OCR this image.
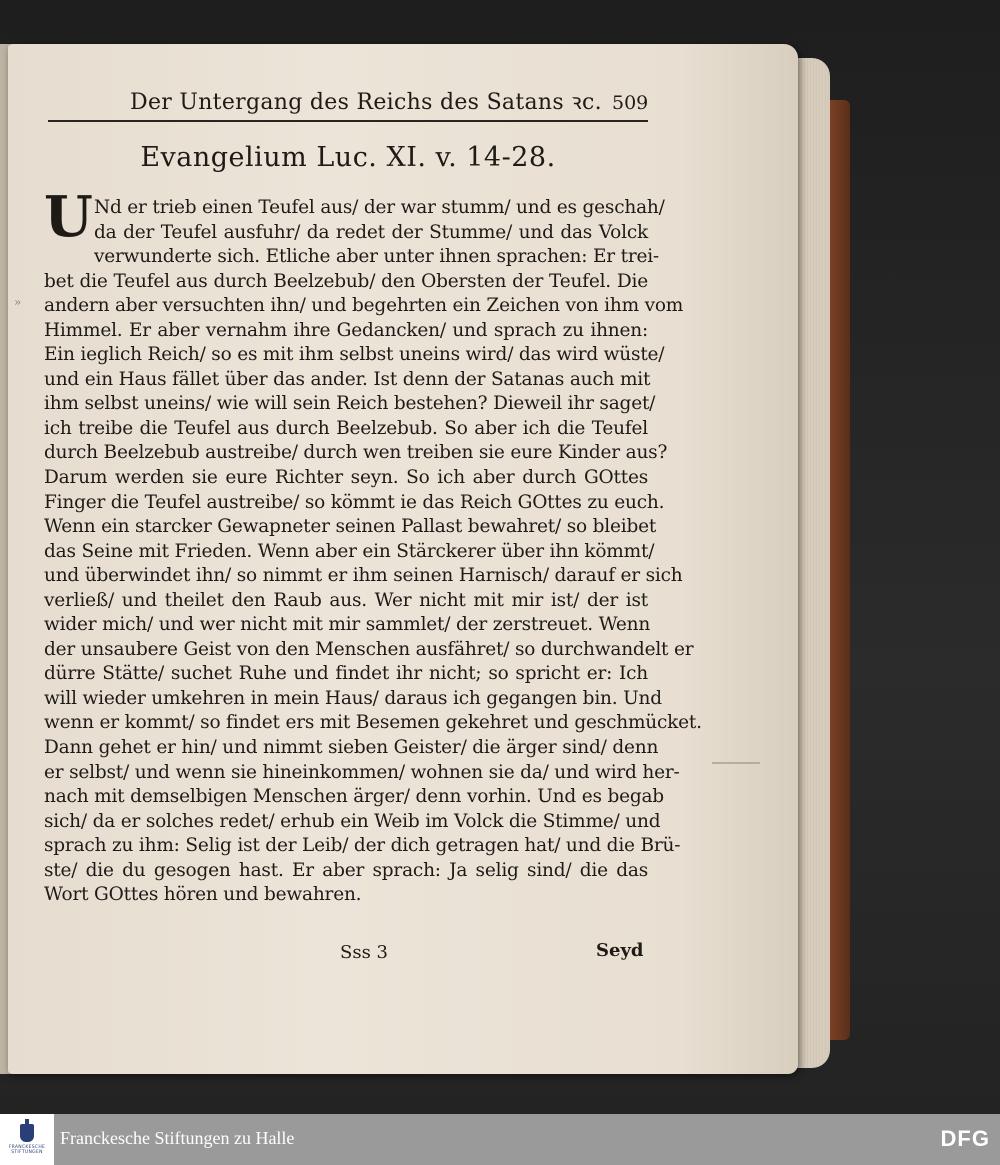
Der Untergang des Reichs des Satans ꝛc. 509
Evangelium Luc. XI. v. 14-28.
U Nd er trieb einen Teufel aus/ der war stumm/ und es geschah/
da der Teufel ausfuhr/ da redet der Stumme/ und das Volck
verwunderte sich. Etliche aber unter ihnen sprachen: Er trei-
bet die Teufel aus durch Beelzebub/ den Obersten der Teufel. Die
andern aber versuchten ihn/ und begehrten ein Zeichen von ihm vom
Himmel. Er aber vernahm ihre Gedancken/ und sprach zu ihnen:
Ein ieglich Reich/ so es mit ihm selbst uneins wird/ das wird wüste/
und ein Haus fället über das ander. Ist denn der Satanas auch mit
ihm selbst uneins/ wie will sein Reich bestehen? Dieweil ihr saget/
ich treibe die Teufel aus durch Beelzebub. So aber ich die Teufel
durch Beelzebub austreibe/ durch wen treiben sie eure Kinder aus?
Darum werden sie eure Richter seyn. So ich aber durch GOttes
Finger die Teufel austreibe/ so kömmt ie das Reich GOttes zu euch.
Wenn ein starcker Gewapneter seinen Pallast bewahret/ so bleibet
das Seine mit Frieden. Wenn aber ein Stärckerer über ihn kömmt/
und überwindet ihn/ so nimmt er ihm seinen Harnisch/ darauf er sich
verließ/ und theilet den Raub aus. Wer nicht mit mir ist/ der ist
wider mich/ und wer nicht mit mir sammlet/ der zerstreuet. Wenn
der unsaubere Geist von den Menschen ausfähret/ so durchwandelt er
dürre Stätte/ suchet Ruhe und findet ihr nicht; so spricht er: Ich
will wieder umkehren in mein Haus/ daraus ich gegangen bin. Und
wenn er kommt/ so findet ers mit Besemen gekehret und geschmücket.
Dann gehet er hin/ und nimmt sieben Geister/ die ärger sind/ denn
er selbst/ und wenn sie hineinkommen/ wohnen sie da/ und wird her-
nach mit demselbigen Menschen ärger/ denn vorhin. Und es begab
sich/ da er solches redet/ erhub ein Weib im Volck die Stimme/ und
sprach zu ihm: Selig ist der Leib/ der dich getragen hat/ und die Brü-
ste/ die du gesogen hast. Er aber sprach: Ja selig sind/ die das
Wort GOttes hören und bewahren.
»
Sss 3	Seyd
FRANCKESCHE STIFTUNGEN
Franckesche Stiftungen zu Halle	DFG
